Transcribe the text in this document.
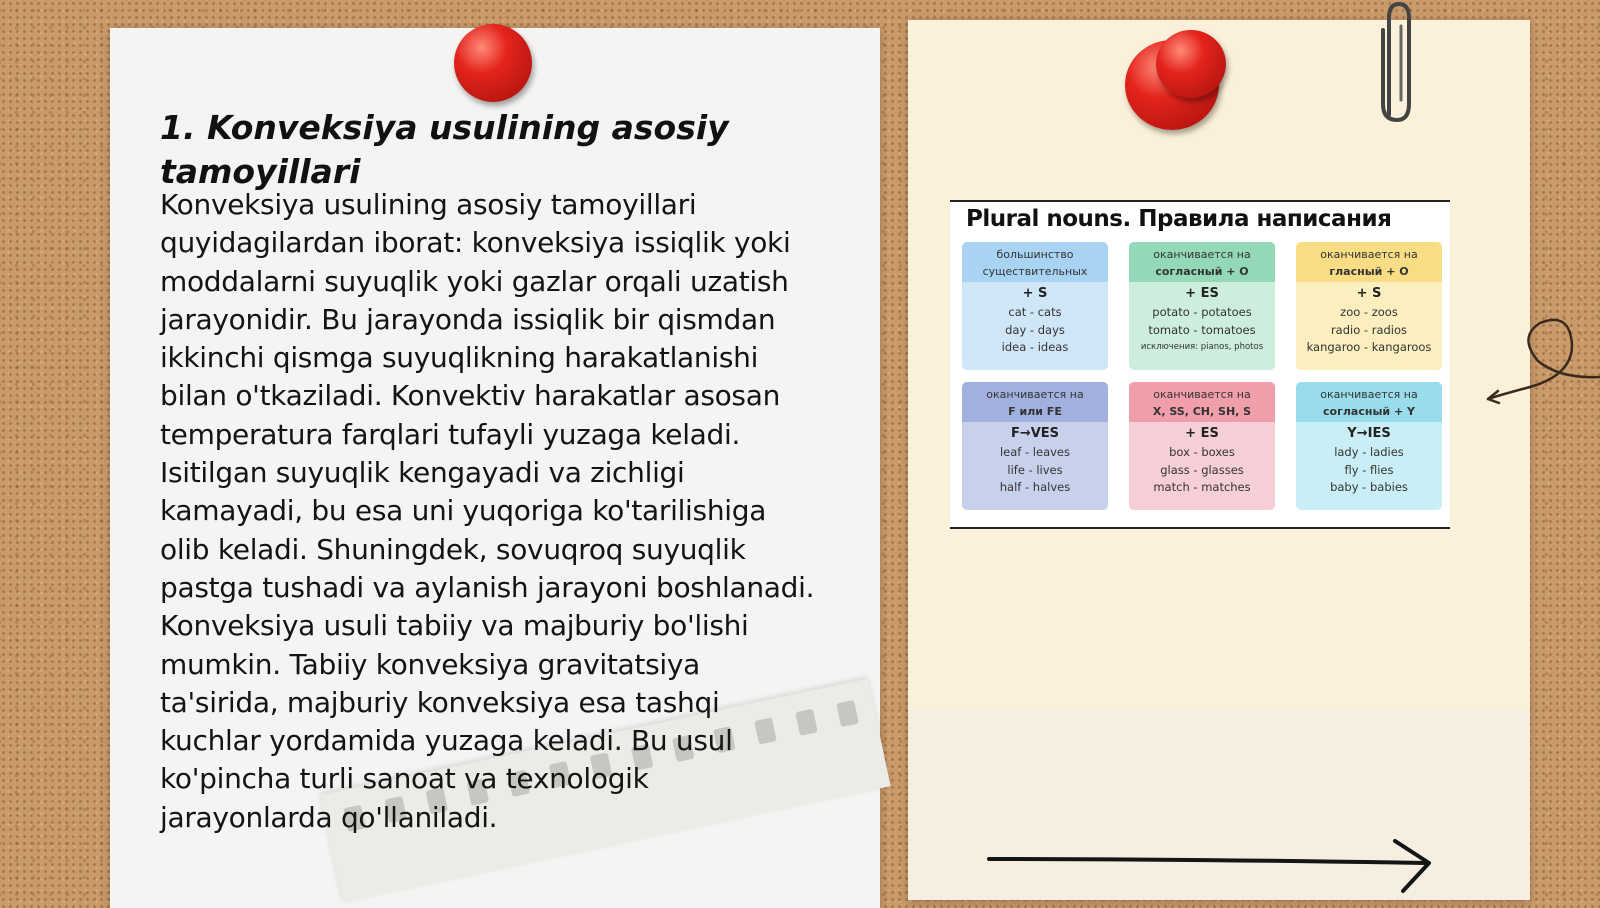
1. Konveksiya usulining asosiy tamoyillari

Konveksiya usulining asosiy tamoyillari quyidagilardan iborat: konveksiya issiqlik yoki moddalarni suyuqlik yoki gazlar orqali uzatish jarayonidir. Bu jarayonda issiqlik bir qismdan ikkinchi qismga suyuqlikning harakatlanishi bilan o'tkaziladi. Konvektiv harakatlar asosan temperatura farqlari tufayli yuzaga keladi. Isitilgan suyuqlik kengayadi va zichligi kamayadi, bu esa uni yuqoriga ko'tarilishiga olib keladi. Shuningdek, sovuqroq suyuqlik pastga tushadi va aylanish jarayoni boshlanadi. Konveksiya usuli tabiiy va majburiy bo'lishi mumkin. Tabiiy konveksiya gravitatsiya ta'sirida, majburiy konveksiya esa tashqi kuchlar yordamida yuzaga keladi. Bu usul ko'pincha turli sanoat va texnologik jarayonlarda qo'llaniladi.

Plural nouns. Правила написания
большинство
существительных
+ S
cat - cats
day - days
idea - ideas
оканчивается на
согласный + О
+ ES
potato - potatoes
tomato - tomatoes
исключения: pianos, photos
оканчивается на
гласный + О
+ S
zoo - zoos
radio - radios
kangaroo - kangaroos
оканчивается на
F или FE
F→VES
leaf - leaves
life - lives
half - halves
оканчивается на
X, SS, CH, SH, S
+ ES
box - boxes
glass - glasses
match - matches
оканчивается на
согласный + Y
Y→IES
lady - ladies
fly - flies
baby - babies
